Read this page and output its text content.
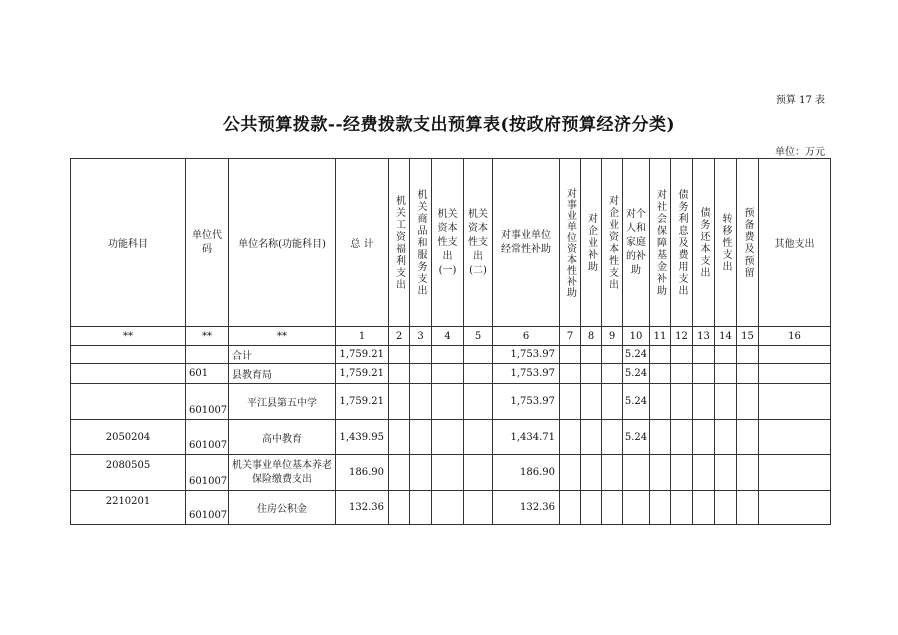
预算 17 表
公共预算拨款--经费拨款支出预算表(按政府预算经济分类)
单位：万元
功能科目	单位代码	单位名称(功能科目)	总 计	机关工资福利支出	机关商品和服务支出	机关资本性支出(一)	机关资本性支出(二)	对事业单位经常性补助	对事业单位资本性补助	对企业补助	对企业资本性支出	对个人和家庭的补助	对社会保障基金补助	债务利息及费用支出	债务还本支出	转移性支出	预备费及预留	其他支出
**	**	**	1	2	3	4	5	6	7	8	9	10	11	12	13	14	15	16
		合计	1,759.21					1,753.97				5.24						
	601	县教育局	1,759.21					1,753.97				5.24						
	601007	平江县第五中学	1,759.21					1,753.97				5.24						
2050204	601007	高中教育	1,439.95					1,434.71				5.24						
2080505	601007	机关事业单位基本养老保险缴费支出	186.90					186.90										
2210201	601007	住房公积金	132.36					132.36										
